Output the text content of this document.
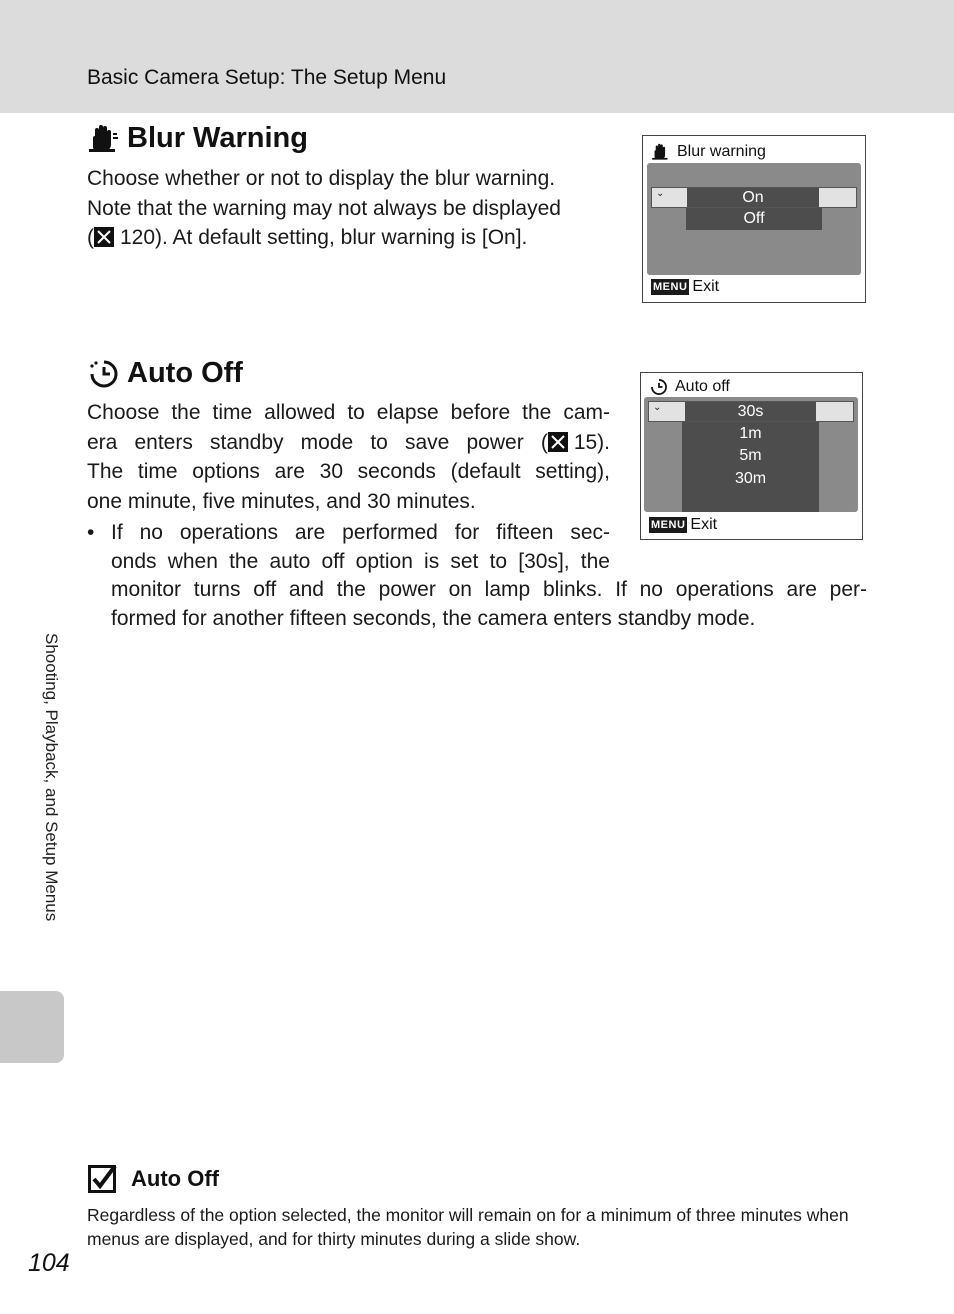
Basic Camera Setup: The Setup Menu
Blur Warning
Choose whether or not to display the blur warning.
Note that the warning may not always be displayed
( 120). At default setting, blur warning is [On].
Blur warning
⌄	On
Off
MENU Exit
Auto Off
Choose the time allowed to elapse before the cam-
era enters standby mode to save power ( 15).
The time options are 30 seconds (default setting),
one minute, five minutes, and 30 minutes.
• If no operations are performed for fifteen sec-
onds when the auto off option is set to [30s], the
monitor turns off and the power on lamp blinks. If no operations are per-
formed for another fifteen seconds, the camera enters standby mode.
Auto off
⌄	30s
1m
5m
30m
MENU Exit
Shooting, Playback, and Setup Menus
Auto Off
Regardless of the option selected, the monitor will remain on for a minimum of three minutes when menus are displayed, and for thirty minutes during a slide show.
104
